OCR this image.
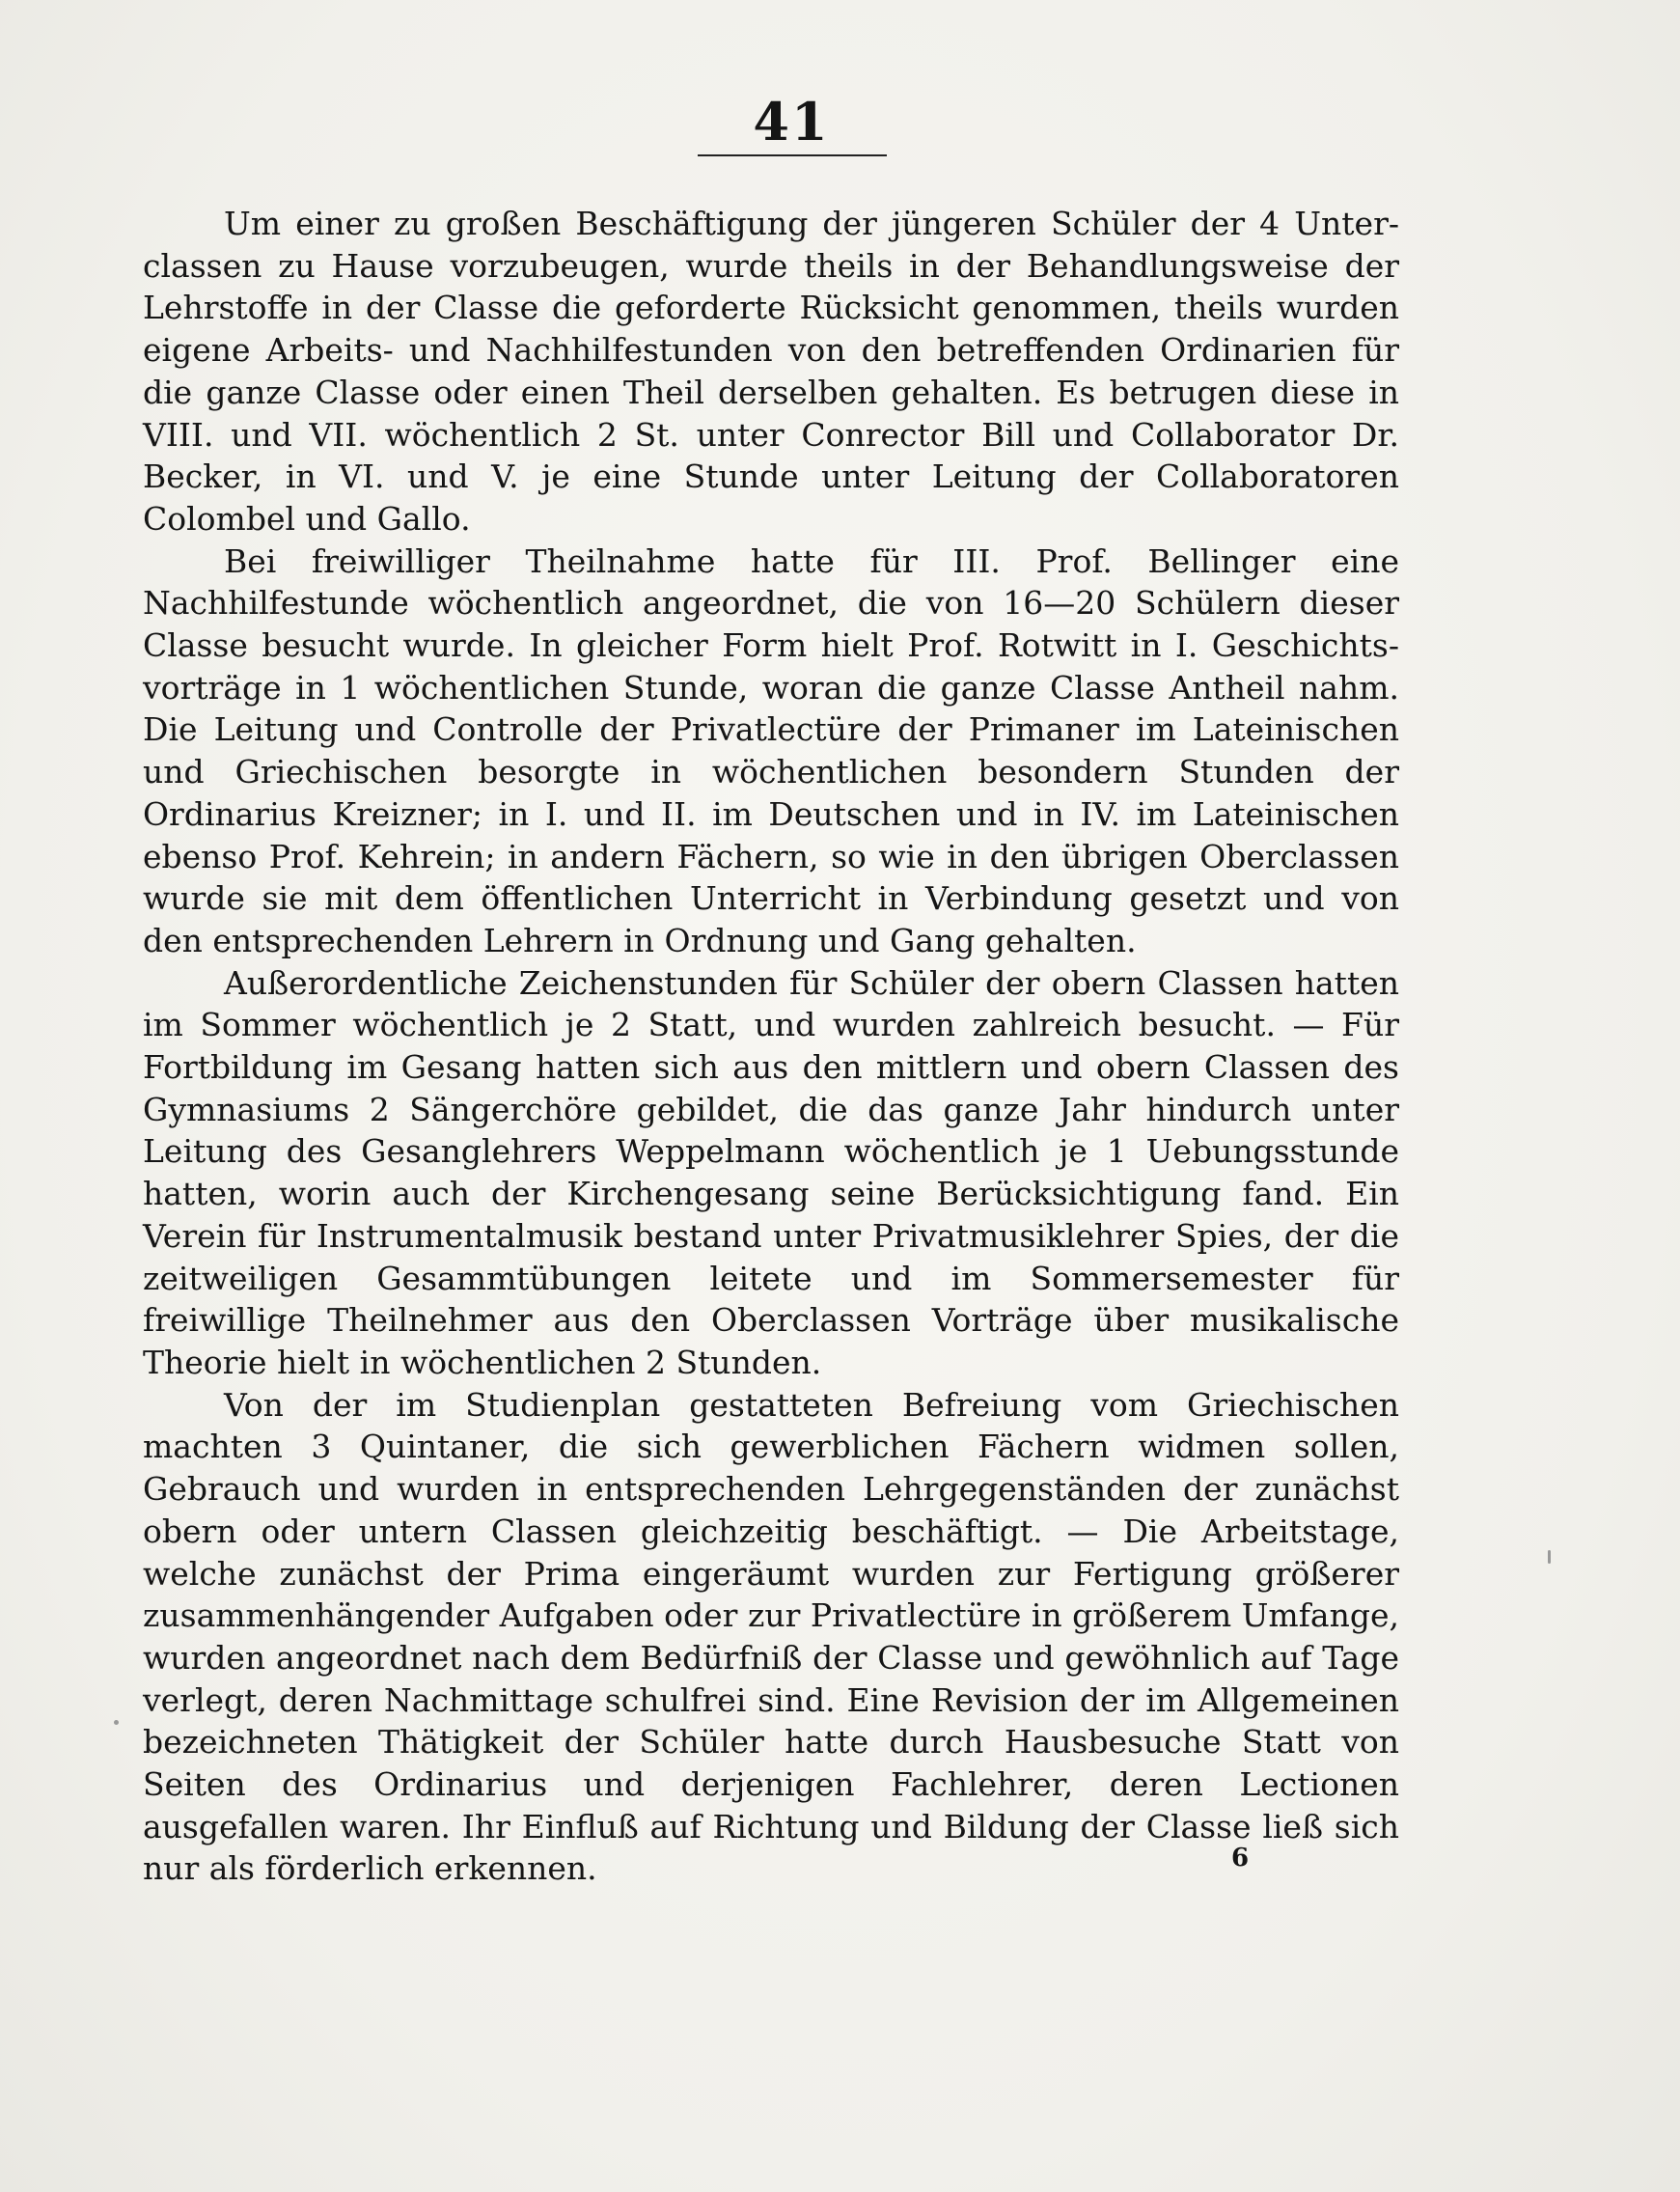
41

Um einer zu großen Beschäftigung der jüngeren Schüler der 4 Unterclassen zu Hause vorzubeugen, wurde theils in der Behandlungsweise der Lehrstoffe in der Classe die geforderte Rücksicht genommen, theils wurden eigene Arbeits- und Nachhilfestunden von den betreffenden Ordinarien für die ganze Classe oder einen Theil derselben gehalten. Es betrugen diese in VIII. und VII. wöchentlich 2 St. unter Conrector Bill und Collaborator Dr. Becker, in VI. und V. je eine Stunde unter Leitung der Collaboratoren Colombel und Gallo.

Bei freiwilliger Theilnahme hatte für III. Prof. Bellinger eine Nachhilfestunde wöchentlich angeordnet, die von 16—20 Schülern dieser Classe besucht wurde. In gleicher Form hielt Prof. Rotwitt in I. Geschichtsvorträge in 1 wöchentlichen Stunde, woran die ganze Classe Antheil nahm. Die Leitung und Controlle der Privatlectüre der Primaner im Lateinischen und Griechischen besorgte in wöchentlichen besondern Stunden der Ordinarius Kreizner; in I. und II. im Deutschen und in IV. im Lateinischen ebenso Prof. Kehrein; in andern Fächern, so wie in den übrigen Oberclassen wurde sie mit dem öffentlichen Unterricht in Verbindung gesetzt und von den entsprechenden Lehrern in Ordnung und Gang gehalten.

Außerordentliche Zeichenstunden für Schüler der obern Classen hatten im Sommer wöchentlich je 2 Statt, und wurden zahlreich besucht. — Für Fortbildung im Gesang hatten sich aus den mittlern und obern Classen des Gymnasiums 2 Sängerchöre gebildet, die das ganze Jahr hindurch unter Leitung des Gesanglehrers Weppelmann wöchentlich je 1 Uebungsstunde hatten, worin auch der Kirchengesang seine Berücksichtigung fand. Ein Verein für Instrumentalmusik bestand unter Privatmusiklehrer Spies, der die zeitweiligen Gesammtübungen leitete und im Sommersemester für freiwillige Theilnehmer aus den Oberclassen Vorträge über musikalische Theorie hielt in wöchentlichen 2 Stunden.

Von der im Studienplan gestatteten Befreiung vom Griechischen machten 3 Quintaner, die sich gewerblichen Fächern widmen sollen, Gebrauch und wurden in entsprechenden Lehrgegenständen der zunächst obern oder untern Classen gleichzeitig beschäftigt. — Die Arbeitstage, welche zunächst der Prima eingeräumt wurden zur Fertigung größerer zusammenhängender Aufgaben oder zur Privatlectüre in größerem Umfange, wurden angeordnet nach dem Bedürfniß der Classe und gewöhnlich auf Tage verlegt, deren Nachmittage schulfrei sind. Eine Revision der im Allgemeinen bezeichneten Thätigkeit der Schüler hatte durch Hausbesuche Statt von Seiten des Ordinarius und derjenigen Fachlehrer, deren Lectionen ausgefallen waren. Ihr Einfluß auf Richtung und Bildung der Classe ließ sich nur als förderlich erkennen.	6
